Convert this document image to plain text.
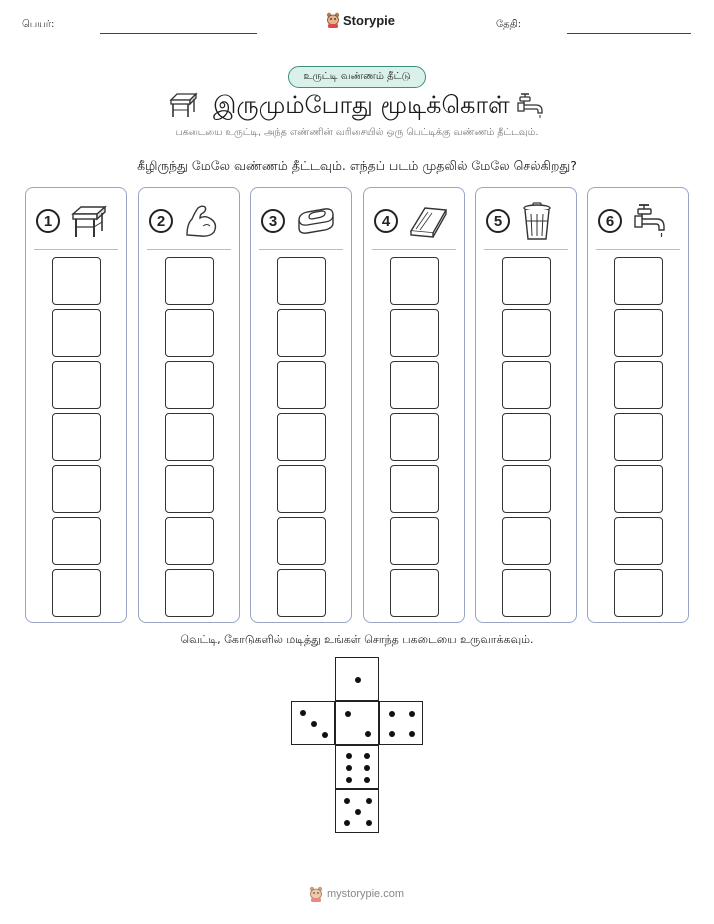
பெயர்:	Storypie	தேதி:
உருட்டி வண்ணம் தீட்டு
இருமும்போது மூடிக்கொள்
பகடையை உருட்டி, அந்த எண்ணின் வரிசையில் ஒரு பெட்டிக்கு வண்ணம் தீட்டவும்.
கீழிருந்து மேலே வண்ணம் தீட்டவும். எந்தப் படம் முதலில் மேலே செல்கிறது?
1	2	3	4	5	6
வெட்டி, கோடுகளில் மடித்து உங்கள் சொந்த பகடையை உருவாக்கவும்.
mystorypie.com
